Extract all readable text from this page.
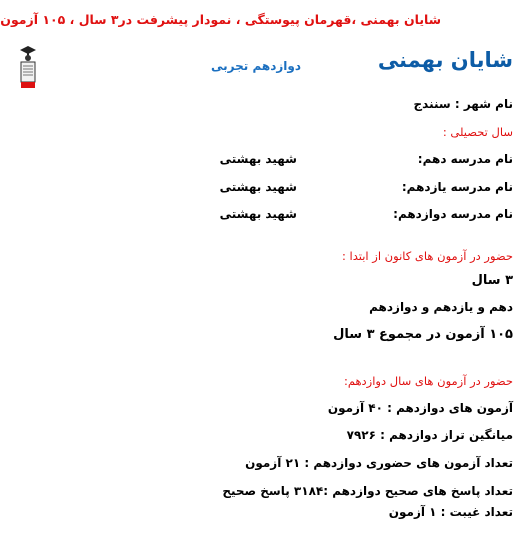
شایان بهمنی ،قهرمان پیوستگی ، نمودار پیشرفت در۳ سال ، ۱۰۵ آزمون
شایان بهمنی
دوازدهم تجربی
نام شهر : سنندج
سال تحصیلی :
نام مدرسه دهم:
شهید بهشتی
نام مدرسه یازدهم:
شهید بهشتی
نام مدرسه دوازدهم:
شهید بهشتی
حضور در آزمون های کانون از ابتدا :
۳ سال
دهم و یازدهم و دوازدهم
۱۰۵ آزمون در مجموع ۳ سال
حضور در آزمون های سال دوازدهم:
آزمون های دوازدهم : ۴۰ آزمون
میانگین تراز دوازدهم : ۷۹۲۶
تعداد آزمون های حضوری دوازدهم : ۲۱ آزمون
تعداد پاسخ های صحیح دوازدهم :۳۱۸۴ پاسخ صحیح
تعداد غیبت : ۱ آزمون
